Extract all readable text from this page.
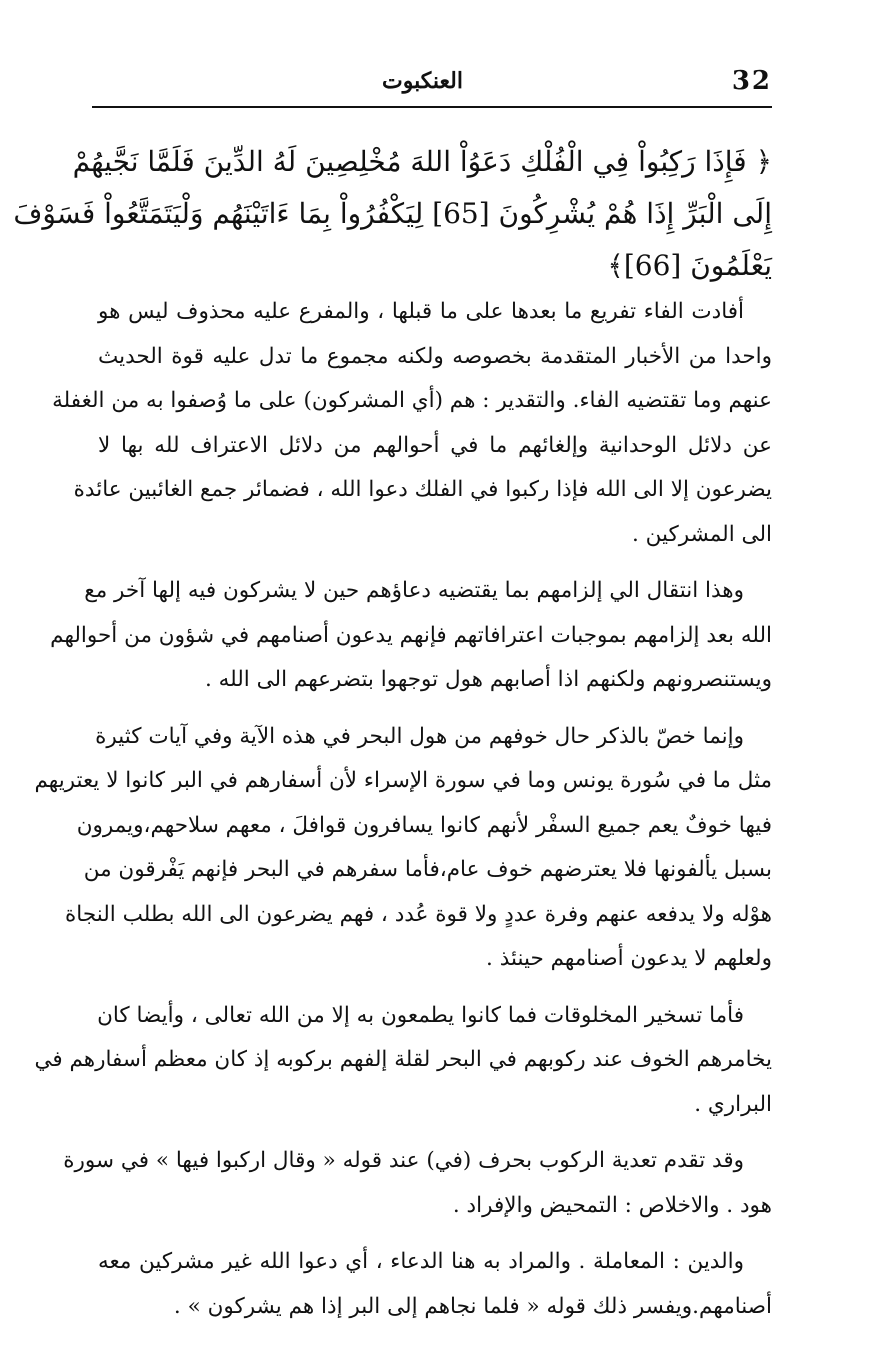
العنكبوت	32
﴿ فَإِذَا رَكِبُواْ فِي الْفُلْكِ دَعَوُاْ اللهَ مُخْلِصِينَ لَهُ الدِّينَ فَلَمَّا نَجَّيهُمْ
إِلَى الْبَرِّ إِذَا هُمْ يُشْرِكُونَ [65] لِيَكْفُرُواْ بِمَا ءَاتَيْنَهُم وَلْيَتَمَتَّعُواْ فَسَوْفَ
يَعْلَمُونَ [66]﴾
أفادت الفاء تفريع ما بعدها على ما قبلها ، والمفرع عليه محذوف ليس هو
واحدا من الأخبار المتقدمة بخصوصه ولكنه مجموع ما تدل عليه قوة الحديث
عنهم وما تقتضيه الفاء. والتقدير : هم (أي المشركون) على ما وُصفوا به من الغفلة
عن دلائل الوحدانية وإلغائهم ما في أحوالهم من دلائل الاعتراف لله بها لا
يضرعون إلا الى الله فإذا ركبوا في الفلك دعوا الله ، فضمائر جمع الغائبين عائدة
الى المشركين .
وهذا انتقال الي إلزامهم بما يقتضيه دعاؤهم حين لا يشركون فيه إلها آخر مع
الله بعد إلزامهم بموجبات اعترافاتهم فإنهم يدعون أصنامهم في شؤون من أحوالهم
ويستنصرونهم ولكنهم اذا أصابهم هول توجهوا بتضرعهم الى الله .
وإنما خصّ بالذكر حال خوفهم من هول البحر في هذه الآية وفي آيات كثيرة
مثل ما في سُورة يونس وما في سورة الإسراء لأن أسفارهم في البر كانوا لا يعتريهم
فيها خوفٌ يعم جميع السفْر لأنهم كانوا يسافرون قوافلَ ، معهم سلاحهم،ويمرون
بسبل يألفونها فلا يعترضهم خوف عام،فأما سفرهم في البحر فإنهم يَفْرقون من
هوْله ولا يدفعه عنهم وفرة عددٍ ولا قوة عُدد ، فهم يضرعون الى الله بطلب النجاة
ولعلهم لا يدعون أصنامهم حينئذ .
فأما تسخير المخلوقات فما كانوا يطمعون به إلا من الله تعالى ، وأيضا كان
يخامرهم الخوف عند ركوبهم في البحر لقلة إلفهم بركوبه إذ كان معظم أسفارهم في
البراري .
وقد تقدم تعدية الركوب بحرف (في) عند قوله « وقال اركبوا فيها » في سورة
هود . والاخلاص : التمحيض والإفراد .
والدين : المعاملة . والمراد به هنا الدعاء ، أي دعوا الله غير مشركين معه
أصنامهم.ويفسر ذلك قوله « فلما نجاهم إلى البر إذا هم يشركون » .
